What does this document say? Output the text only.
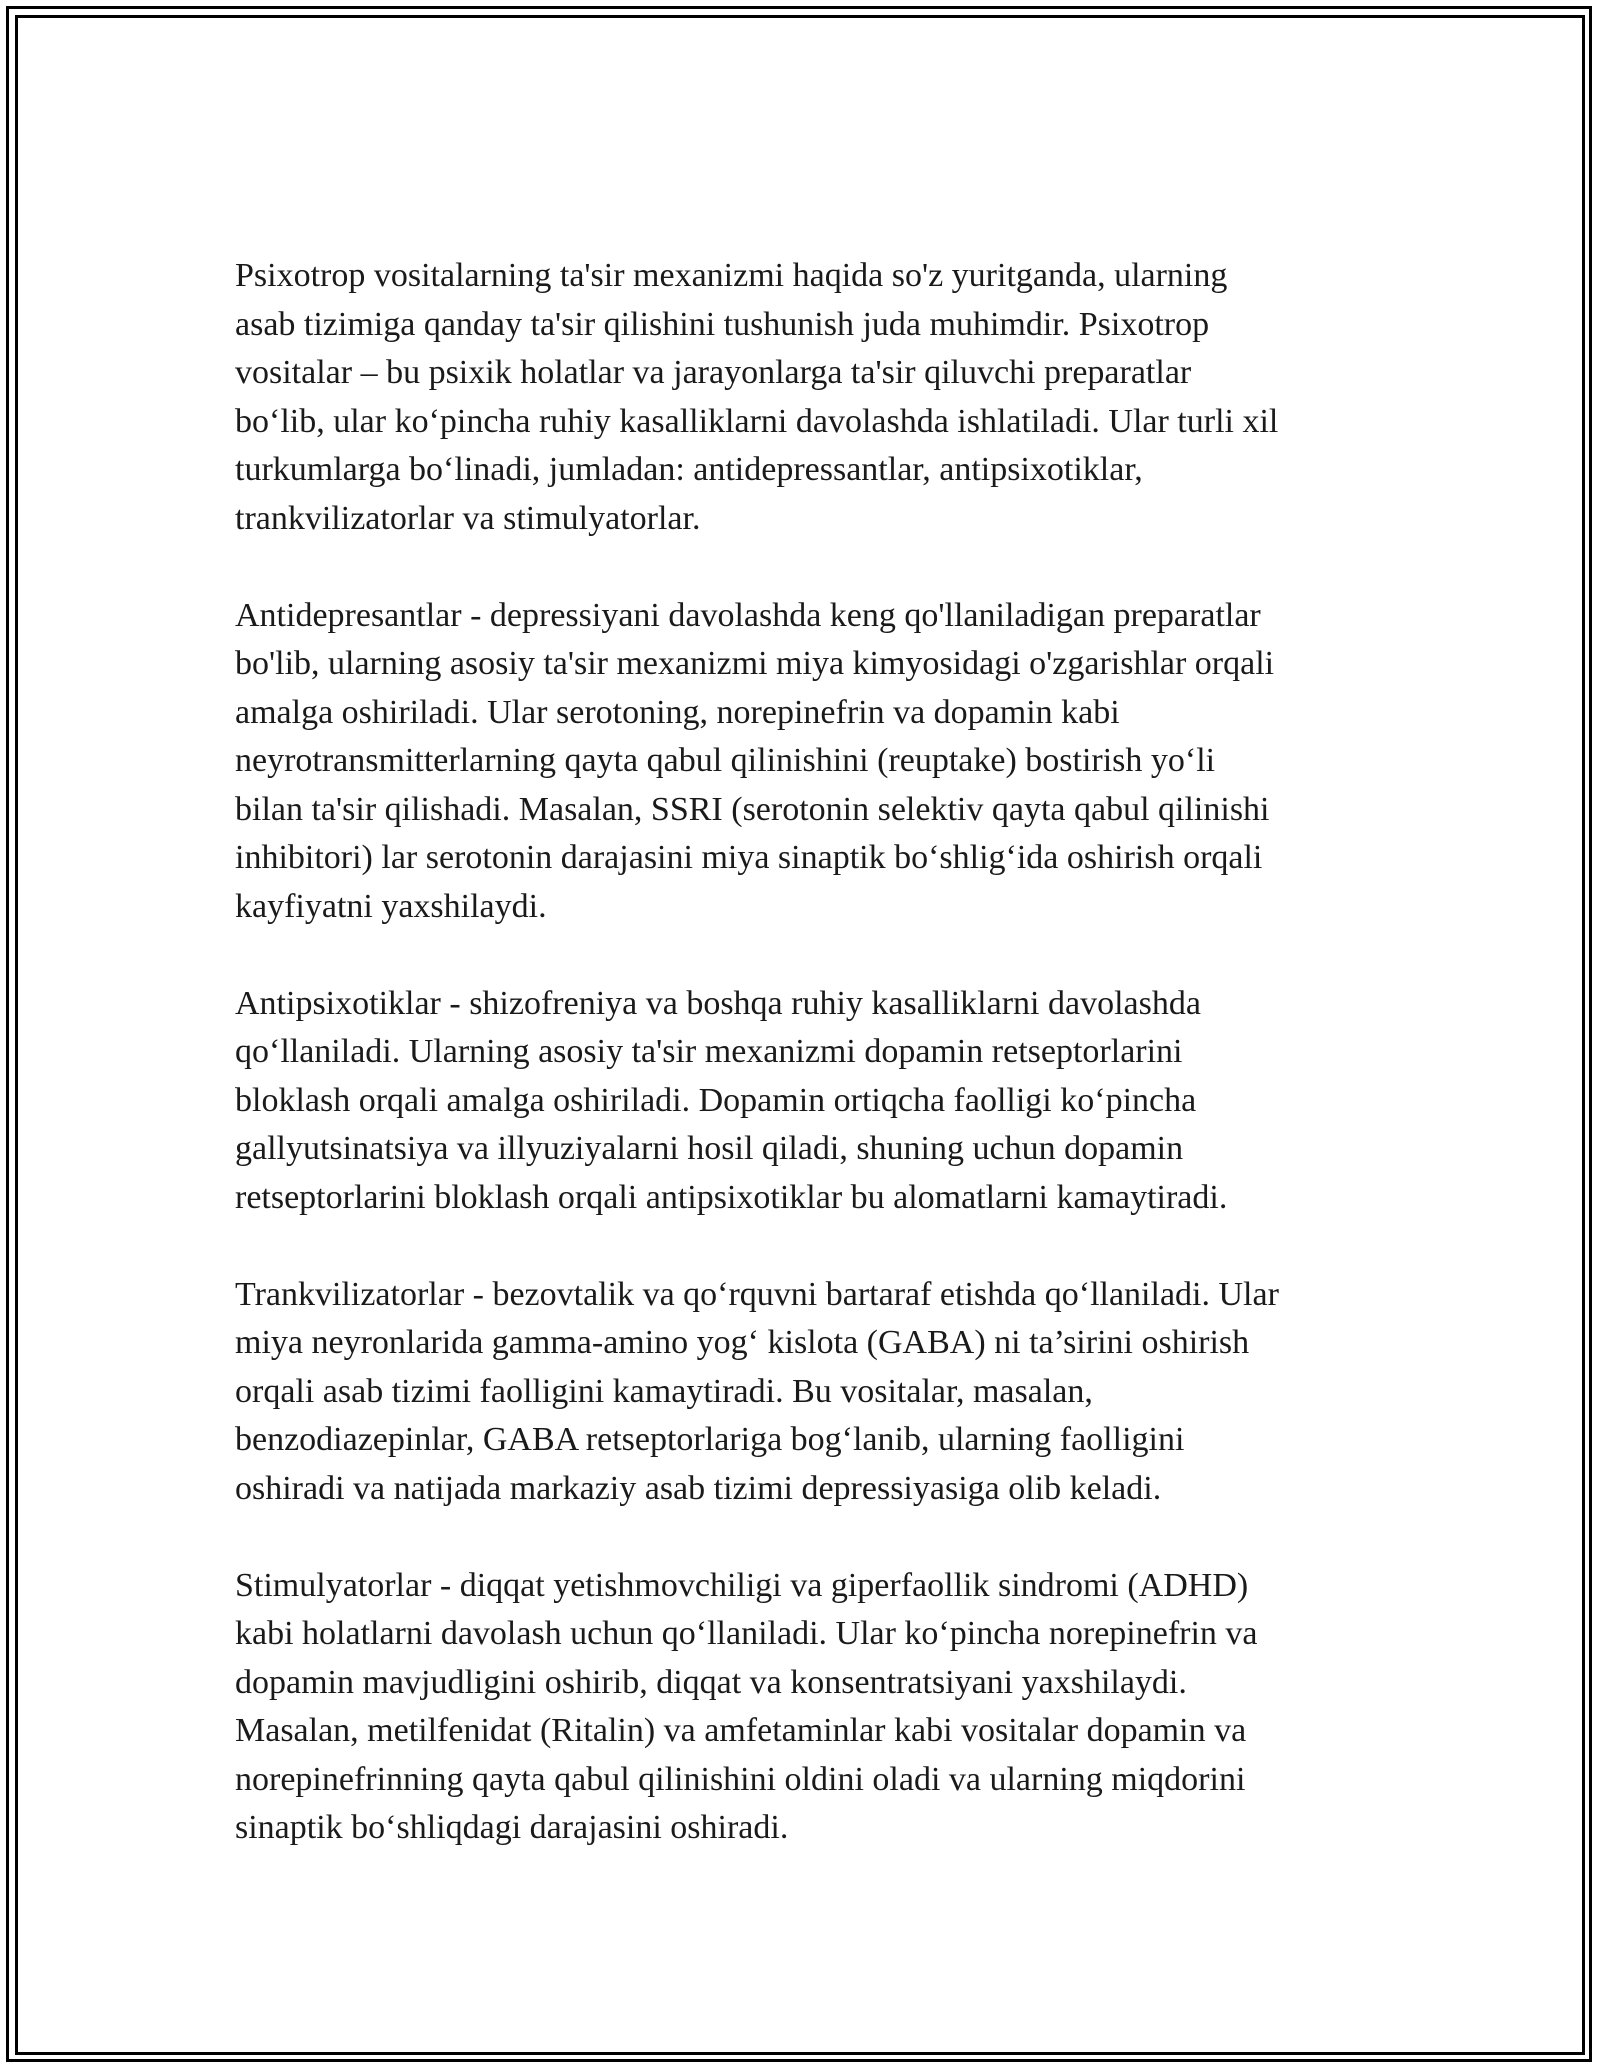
Psixotrop vositalarning ta'sir mexanizmi haqida so'z yuritganda, ularning
asab tizimiga qanday ta'sir qilishini tushunish juda muhimdir. Psixotrop
vositalar – bu psixik holatlar va jarayonlarga ta'sir qiluvchi preparatlar
bo‘lib, ular ko‘pincha ruhiy kasalliklarni davolashda ishlatiladi. Ular turli xil
turkumlarga bo‘linadi, jumladan: antidepressantlar, antipsixotiklar,
trankvilizatorlar va stimulyatorlar.

Antidepresantlar - depressiyani davolashda keng qo'llaniladigan preparatlar
bo'lib, ularning asosiy ta'sir mexanizmi miya kimyosidagi o'zgarishlar orqali
amalga oshiriladi. Ular serotoning, norepinefrin va dopamin kabi
neyrotransmitterlarning qayta qabul qilinishini (reuptake) bostirish yo‘li
bilan ta'sir qilishadi. Masalan, SSRI (serotonin selektiv qayta qabul qilinishi
inhibitori) lar serotonin darajasini miya sinaptik bo‘shlig‘ida oshirish orqali
kayfiyatni yaxshilaydi.

Antipsixotiklar - shizofreniya va boshqa ruhiy kasalliklarni davolashda
qo‘llaniladi. Ularning asosiy ta'sir mexanizmi dopamin retseptorlarini
bloklash orqali amalga oshiriladi. Dopamin ortiqcha faolligi ko‘pincha
gallyutsinatsiya va illyuziyalarni hosil qiladi, shuning uchun dopamin
retseptorlarini bloklash orqali antipsixotiklar bu alomatlarni kamaytiradi.

Trankvilizatorlar - bezovtalik va qo‘rquvni bartaraf etishda qo‘llaniladi. Ular
miya neyronlarida gamma-amino yog‘ kislota (GABA) ni ta’sirini oshirish
orqali asab tizimi faolligini kamaytiradi. Bu vositalar, masalan,
benzodiazepinlar, GABA retseptorlariga bog‘lanib, ularning faolligini
oshiradi va natijada markaziy asab tizimi depressiyasiga olib keladi.

Stimulyatorlar - diqqat yetishmovchiligi va giperfaollik sindromi (ADHD)
kabi holatlarni davolash uchun qo‘llaniladi. Ular ko‘pincha norepinefrin va
dopamin mavjudligini oshirib, diqqat va konsentratsiyani yaxshilaydi.
Masalan, metilfenidat (Ritalin) va amfetaminlar kabi vositalar dopamin va
norepinefrinning qayta qabul qilinishini oldini oladi va ularning miqdorini
sinaptik bo‘shliqdagi darajasini oshiradi.
